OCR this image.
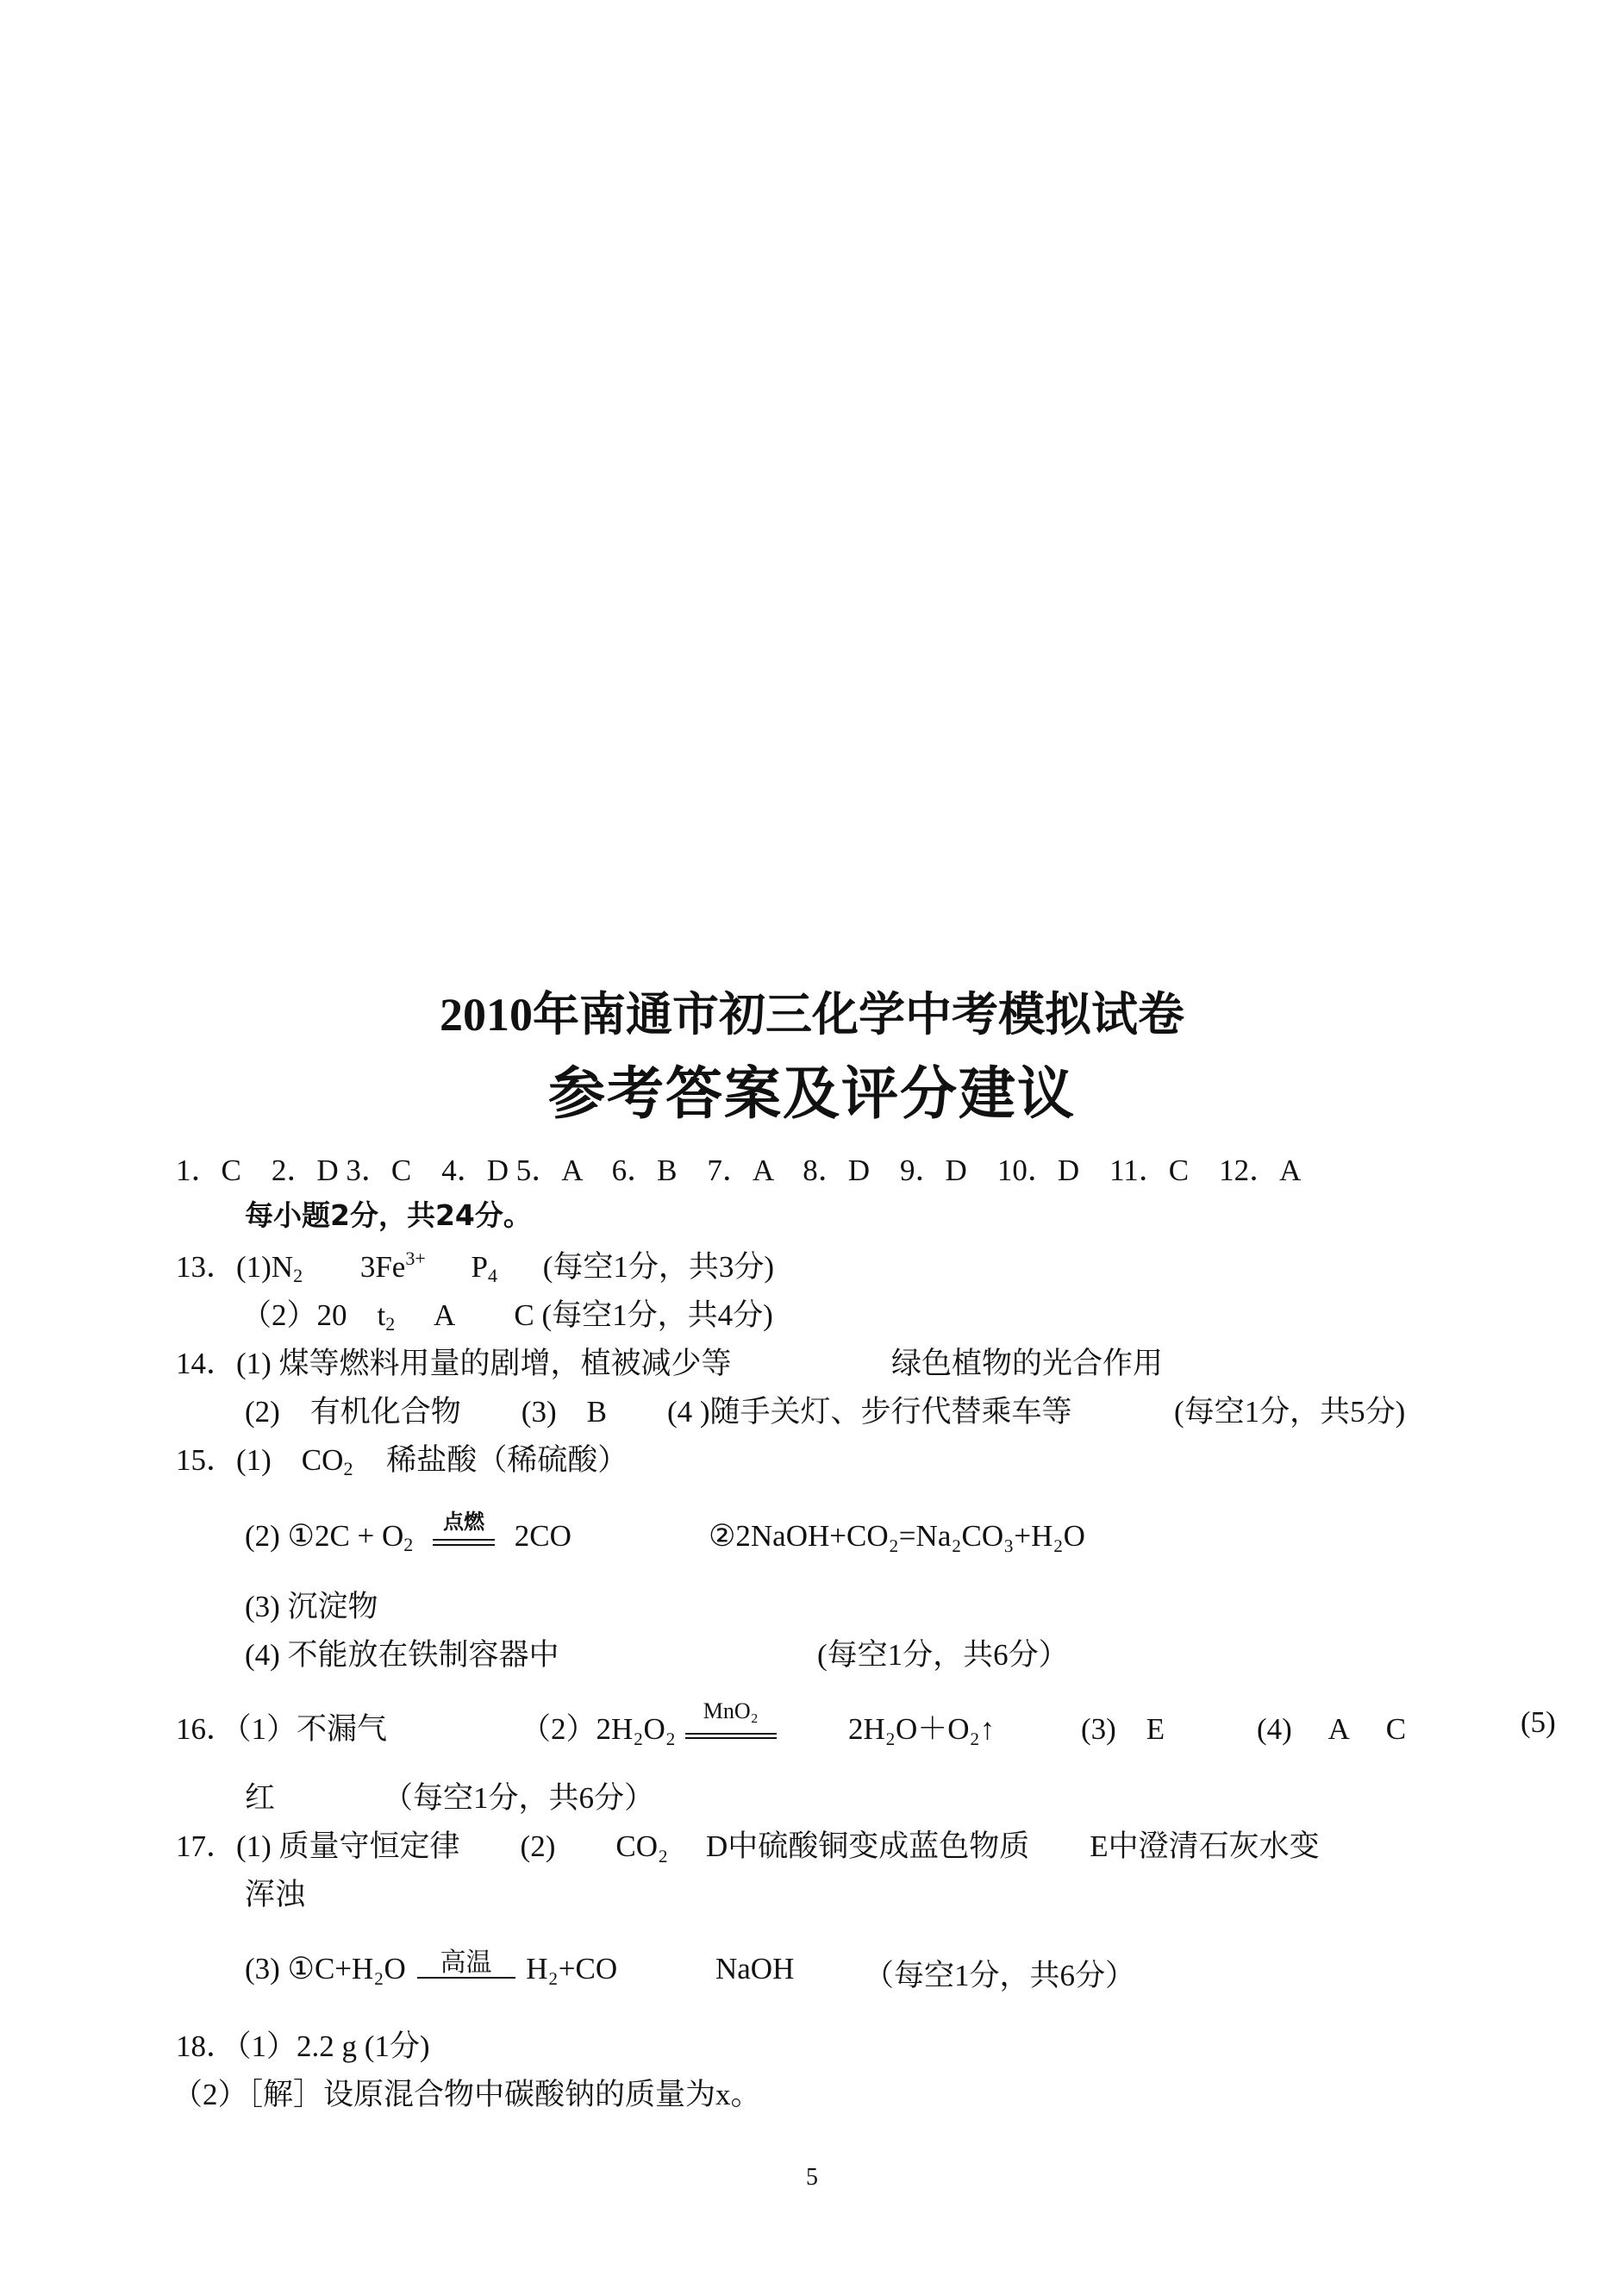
2010年南通市初三化学中考模拟试卷
参考答案及评分建议
1．C　2．D 3．C　4．D 5．A　6．B　7．A　8．D　9．D　10．D　11．C　12．A
每小题2分，共24分。
13．$(1)N_2$ $3Fe^{3+}$ $P_4$ (每空1分，共3分)
（2）20　$t_2$ A　　C (每空1分，共4分)
14．(1) 煤等燃料用量的剧增，植被减少等	绿色植物的光合作用
(2)　有机化合物　　(3)　B　　(4 )随手关灯、步行代替乘车等	(每空1分，共5分)
15．(1)　$CO_2$ 稀盐酸（稀硫酸）
(2) ①2C + $O_2$
点燃 2CO	②2NaOH+CO₂=Na₂CO₃+H₂O
(3) 沉淀物
(4) 不能放在铁制容器中	(每空1分，共6分）
16．（1）不漏气	（2）2H₂O₂
MnO₂
2H₂O＋O₂↑	(3)　E	(4)　 A　 C	(5)
红	（每空1分，共6分）
17．(1) 质量守恒定律　　(2)　　CO₂　 D中硫酸铜变成蓝色物质　　E中澄清石灰水变
浑浊
(3) ①C+H₂O	高温	H₂+CO	NaOH （每空1分，共6分）
18．（1）2.2 g (1分)
（2）［解］设原混合物中碳酸钠的质量为x。
5
